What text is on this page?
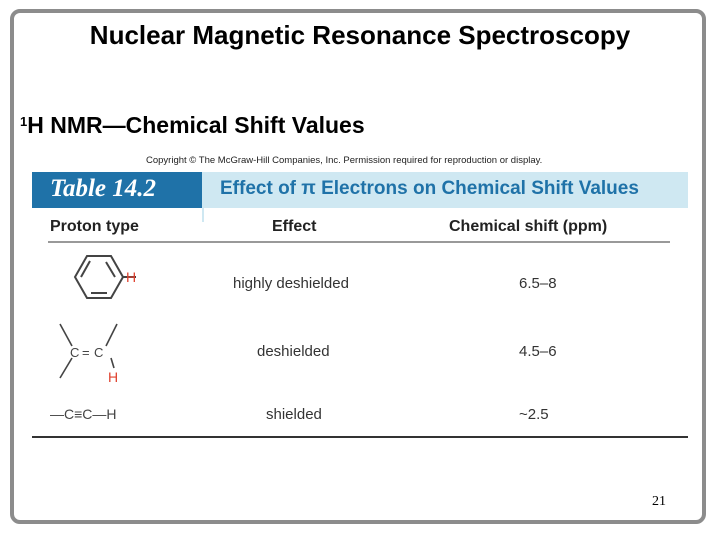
Nuclear Magnetic Resonance Spectroscopy
$^1$H NMR—Chemical Shift Values
Copyright © The McGraw-Hill Companies, Inc. Permission required for reproduction or display.
Table 14.2	Effect of π Electrons on Chemical Shift Values
Proton type	Effect	Chemical shift (ppm)
H	highly deshielded	6.5–8
C = C
H
deshielded	4.5–6
—C≡C—H	shielded	~2.5
21
